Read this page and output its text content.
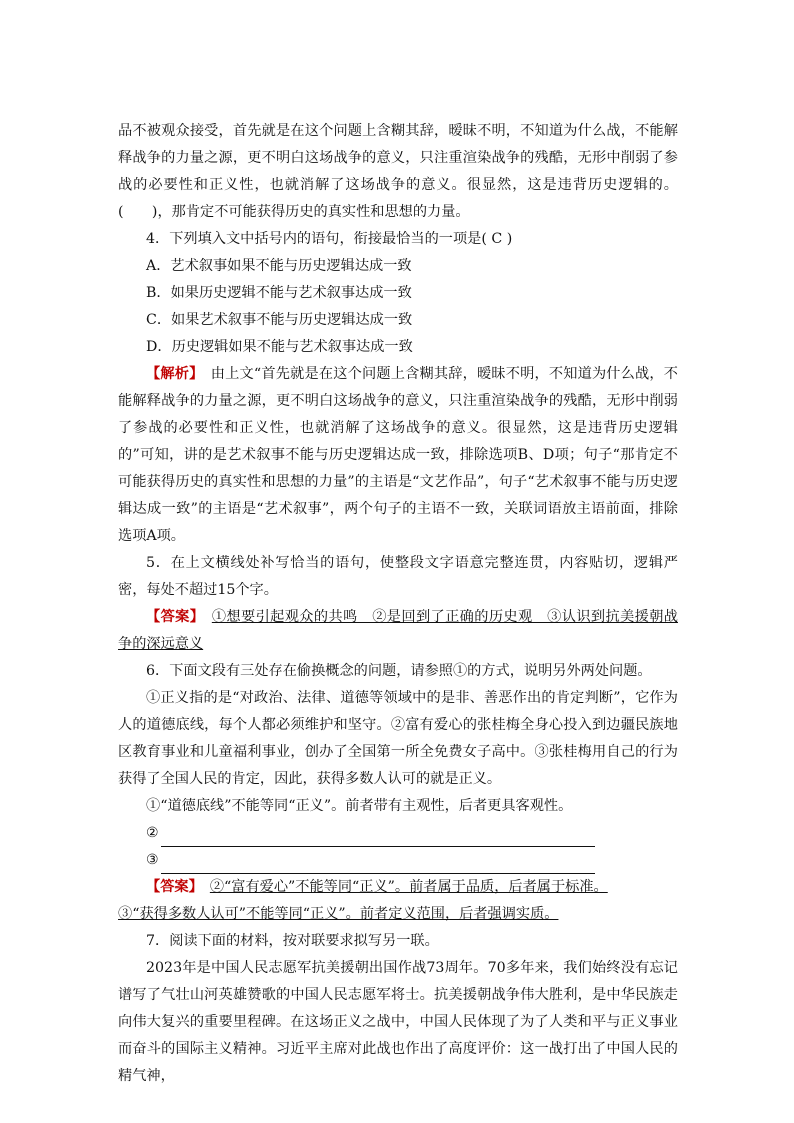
品不被观众接受，首先就是在这个问题上含糊其辞，暧昧不明，不知道为什么战，不能解释战争的力量之源，更不明白这场战争的意义，只注重渲染战争的残酷，无形中削弱了参战的必要性和正义性，也就消解了这场战争的意义。很显然，这是违背历史逻辑的。(　　)，那肯定不可能获得历史的真实性和思想的力量。

4．下列填入文中括号内的语句，衔接最恰当的一项是( C )

A．艺术叙事如果不能与历史逻辑达成一致

B．如果历史逻辑不能与艺术叙事达成一致

C．如果艺术叙事不能与历史逻辑达成一致

D．历史逻辑如果不能与艺术叙事达成一致

【解析】　由上文“首先就是在这个问题上含糊其辞，暧昧不明，不知道为什么战，不能解释战争的力量之源，更不明白这场战争的意义，只注重渲染战争的残酷，无形中削弱了参战的必要性和正义性，也就消解了这场战争的意义。很显然，这是违背历史逻辑的”可知，讲的是艺术叙事不能与历史逻辑达成一致，排除选项B、D项；句子“那肯定不可能获得历史的真实性和思想的力量”的主语是“文艺作品”，句子“艺术叙事不能与历史逻辑达成一致”的主语是“艺术叙事”，两个句子的主语不一致，关联词语放主语前面，排除选项A项。

5．在上文横线处补写恰当的语句，使整段文字语意完整连贯，内容贴切，逻辑严密，每处不超过15个字。

【答案】　 ①想要引起观众的共鸣　②是回到了正确的历史观　③认识到抗美援朝战争的深远意义

6．下面文段有三处存在偷换概念的问题，请参照①的方式，说明另外两处问题。

①正义指的是“对政治、法律、道德等领域中的是非、善恶作出的肯定判断”，它作为人的道德底线，每个人都必须维护和坚守。②富有爱心的张桂梅全身心投入到边疆民族地区教育事业和儿童福利事业，创办了全国第一所全免费女子高中。③张桂梅用自己的行为获得了全国人民的肯定，因此，获得多数人认可的就是正义。

①“道德底线”不能等同“正义”。前者带有主观性，后者更具客观性。

②

③

【答案】　 ②“富有爱心”不能等同“正义”。前者属于品质，后者属于标准。

③“获得多数人认可”不能等同“正义”。前者定义范围，后者强调实质。

7．阅读下面的材料，按对联要求拟写另一联。

2023年是中国人民志愿军抗美援朝出国作战73周年。70多年来，我们始终没有忘记谱写了气壮山河英雄赞歌的中国人民志愿军将士。抗美援朝战争伟大胜利，是中华民族走向伟大复兴的重要里程碑。在这场正义之战中，中国人民体现了为了人类和平与正义事业而奋斗的国际主义精神。习近平主席对此战也作出了高度评价：这一战打出了中国人民的精气神，
